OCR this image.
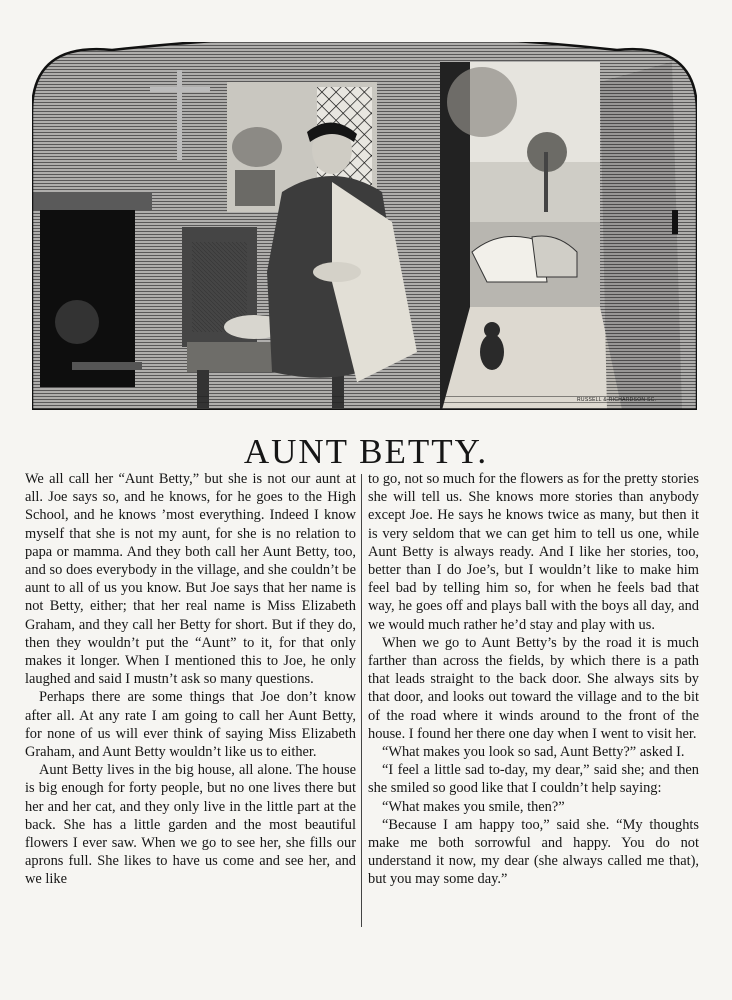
RUSSELL & RICHARDSON SC.
AUNT BETTY.

We all call her “Aunt Betty,” but she is not our aunt at all. Joe says so, and he knows, for he goes to the High School, and he knows ’most everything. Indeed I know myself that she is not my aunt, for she is no relation to papa or mamma. And they both call her Aunt Betty, too, and so does everybody in the village, and she couldn’t be aunt to all of us you know. But Joe says that her name is not Betty, either; that her real name is Miss Elizabeth Graham, and they call her Betty for short. But if they do, then they wouldn’t put the “Aunt” to it, for that only makes it longer. When I mentioned this to Joe, he only laughed and said I mustn’t ask so many questions.

Perhaps there are some things that Joe don’t know after all. At any rate I am going to call her Aunt Betty, for none of us will ever think of saying Miss Elizabeth Graham, and Aunt Betty wouldn’t like us to either.

Aunt Betty lives in the big house, all alone. The house is big enough for forty people, but no one lives there but her and her cat, and they only live in the little part at the back. She has a little garden and the most beautiful flowers I ever saw. When we go to see her, she fills our aprons full. She likes to have us come and see her, and we like

to go, not so much for the flowers as for the pretty stories she will tell us. She knows more stories than anybody except Joe. He says he knows twice as many, but then it is very seldom that we can get him to tell us one, while Aunt Betty is always ready. And I like her stories, too, better than I do Joe’s, but I wouldn’t like to make him feel bad by telling him so, for when he feels bad that way, he goes off and plays ball with the boys all day, and we would much rather he’d stay and play with us.

When we go to Aunt Betty’s by the road it is much farther than across the fields, by which there is a path that leads straight to the back door. She always sits by that door, and looks out toward the village and to the bit of the road where it winds around to the front of the house. I found her there one day when I went to visit her.

“What makes you look so sad, Aunt Betty?” asked I.

“I feel a little sad to-day, my dear,” said she; and then she smiled so good like that I couldn’t help saying:

“What makes you smile, then?”

“Because I am happy too,” said she. “My thoughts make me both sorrowful and happy. You do not understand it now, my dear (she always called me that), but you may some day.”
